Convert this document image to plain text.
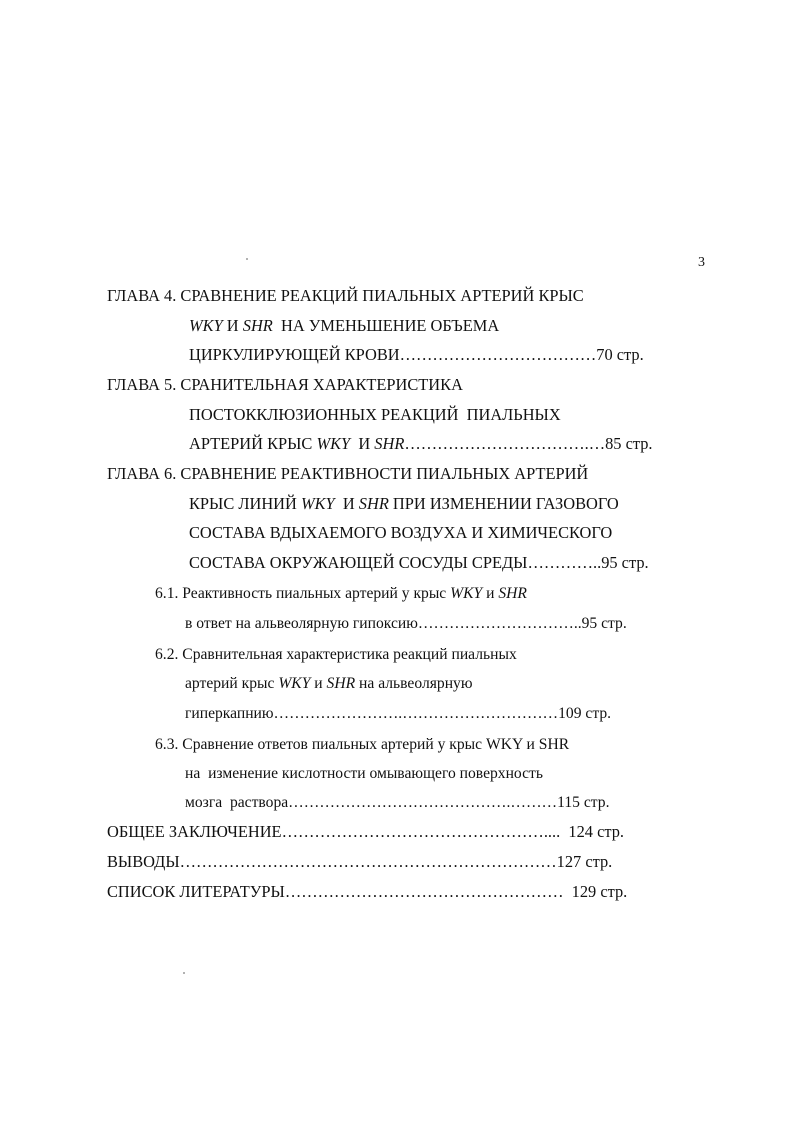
3
ГЛАВА 4. СРАВНЕНИЕ РЕАКЦИЙ ПИАЛЬНЫХ АРТЕРИЙ КРЫС
WKY И SHR  НА УМЕНЬШЕНИЕ ОБЪЕМА
ЦИРКУЛИРУЮЩЕЙ КРОВИ………………………………70 стр.
ГЛАВА 5. СРАНИТЕЛЬНАЯ ХАРАКТЕРИСТИКА
ПОСТОККЛЮЗИОННЫХ РЕАКЦИЙ  ПИАЛЬНЫХ
АРТЕРИЙ КРЫС WKY  И SHR…………………………….…85 стр.
ГЛАВА 6. СРАВНЕНИЕ РЕАКТИВНОСТИ ПИАЛЬНЫХ АРТЕРИЙ
КРЫС ЛИНИЙ WKY  И SHR ПРИ ИЗМЕНЕНИИ ГАЗОВОГО
СОСТАВА ВДЫХАЕМОГО ВОЗДУХА И ХИМИЧЕСКОГО
СОСТАВА ОКРУЖАЮЩЕЙ СОСУДЫ СРЕДЫ…………..95 стр.
6.1. Реактивность пиальных артерий у крыс WKY и SHR
в ответ на альвеолярную гипоксию…………………………..95 стр.
6.2. Сравнительная характеристика реакций пиальных
артерий крыс WKY и SHR на альвеолярную
гиперкапнию…………………….…………………………109 стр.
6.3. Сравнение ответов пиальных артерий у крыс WKY и SHR
на  изменение кислотности омывающего поверхность
мозга  раствора…………………………………….………115 стр.
ОБЩЕЕ ЗАКЛЮЧЕНИЕ…………………………………………....  124 стр.
ВЫВОДЫ……………………………………………………………127 стр.
СПИСОК ЛИТЕРАТУРЫ……………………………………………  129 стр.
